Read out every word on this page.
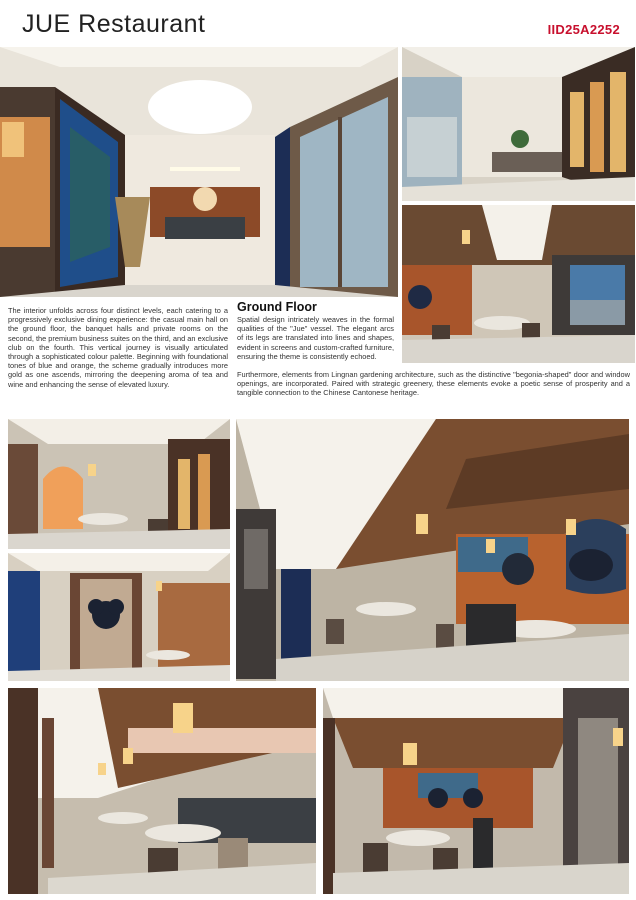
JUE Restaurant	IID25A2252
The interior unfolds across four distinct levels, each catering to a progressively exclusive dining experience: the casual main hall on the ground floor, the banquet halls and private rooms on the second, the premium business suites on the third, and an exclusive club on the fourth. This vertical journey is visually articulated through a sophisticated colour palette. Beginning with foundational tones of blue and orange, the scheme gradually introduces more gold as one ascends, mirroring the deepening aroma of tea and wine and enhancing the sense of elevated luxury.
Ground Floor
Spatial design intricately weaves in the formal qualities of the "Jue" vessel. The elegant arcs of its legs are translated into lines and shapes, evident in screens and custom-crafted furniture, ensuring the theme is consistently echoed.
Furthermore, elements from Lingnan gardening architecture, such as the distinctive "begonia-shaped" door and window openings, are incorporated. Paired with strategic greenery, these elements evoke a poetic sense of prosperity and a tangible connection to the Chinese Cantonese heritage.
